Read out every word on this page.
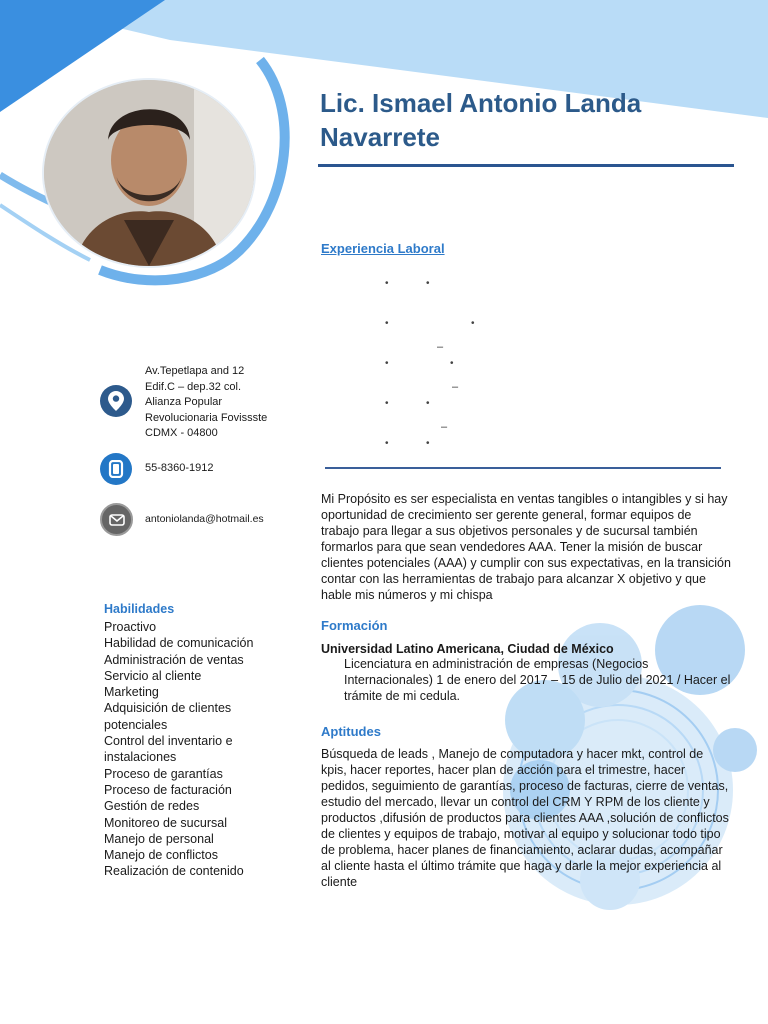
Lic. Ismael Antonio Landa Navarrete
Av.Tepetlapa and 12
Edif.C – dep.32 col.
Alianza Popular
Revolucionaria Fovissste
CDMX - 04800
55-8360-1912
antoniolanda@hotmail.es
Habilidades
Proactivo
Habilidad de comunicación
Administración de ventas
Servicio al cliente
Marketing
Adquisición de clientes potenciales
Control del inventario e instalaciones
Proceso de garantías
Proceso de facturación
Gestión de redes
Monitoreo de sucursal
Manejo de personal
Manejo de conflictos
Realización de contenido
Experiencia Laboral
•	•
•	•
–
•	•
–
•	•
–
•	•
Mi Propósito es ser especialista en ventas tangibles o intangibles y si hay oportunidad de crecimiento ser gerente general, formar equipos de trabajo para llegar a sus objetivos personales y de sucursal también formarlos para que sean vendedores AAA. Tener la misión de buscar clientes potenciales (AAA) y cumplir con sus expectativas, en la transición contar con las herramientas de trabajo para alcanzar X objetivo y que hable mis números y mi chispa
Formación
Universidad Latino Americana, Ciudad de México
Licenciatura en administración de empresas (Negocios Internacionales) 1 de enero del 2017 – 15 de Julio del 2021 / Hacer el trámite de mi cedula.
Aptitudes
Búsqueda de leads , Manejo de computadora y hacer mkt, control de kpis, hacer reportes, hacer plan de acción para el trimestre, hacer pedidos, seguimiento de garantías, proceso de facturas, cierre de ventas, estudio del mercado, llevar un control del CRM Y RPM de los cliente y productos ,difusión de productos para clientes AAA ,solución de conflictos de clientes y equipos de trabajo, motivar al equipo y solucionar todo tipo de problema, hacer planes de financiamiento, aclarar dudas, acompañar al cliente hasta el último trámite que haga y darle la mejor experiencia al cliente
